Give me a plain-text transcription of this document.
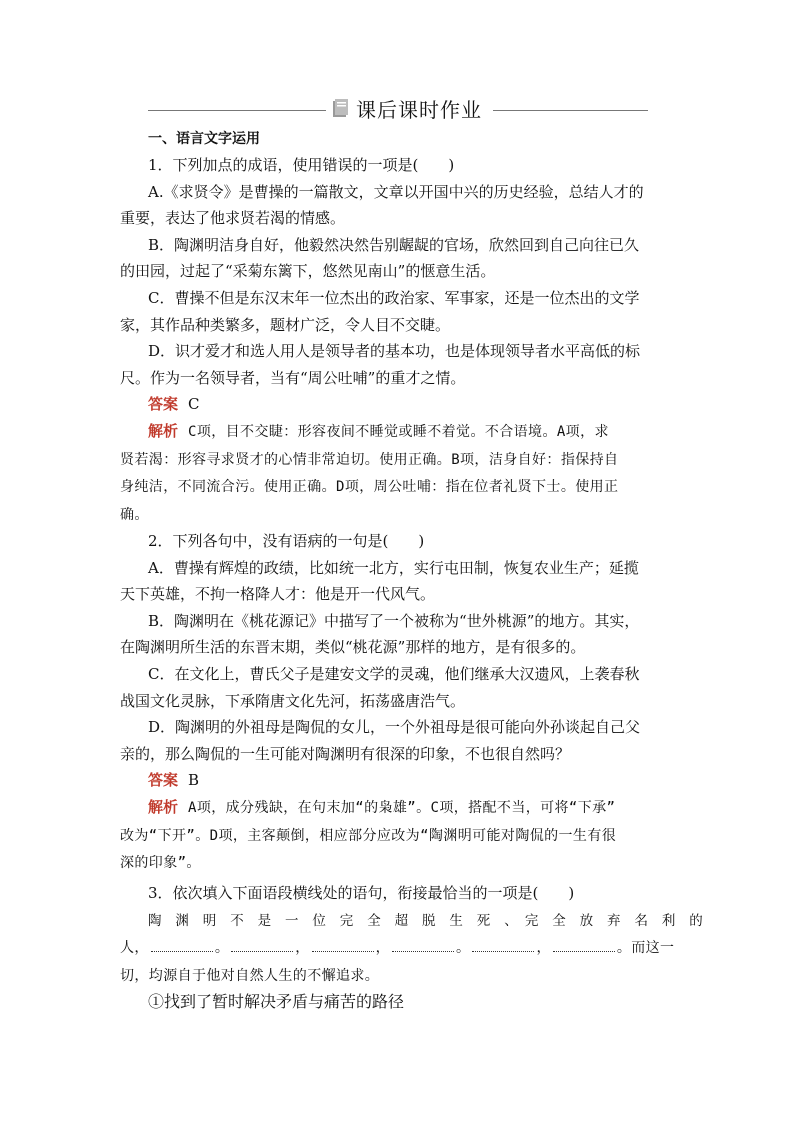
课后课时作业
一、语言文字运用
1．下列加点的成语，使用错误的一项是(　　)
A.《求贤令》是曹操的一篇散文，文章以开国中兴的历史经验，总结人才的
重要，表达了他求贤若渴的情感。
B．陶渊明洁身自好，他毅然决然告别龌龊的官场，欣然回到自己向往已久
的田园，过起了“采菊东篱下，悠然见南山”的惬意生活。
C．曹操不但是东汉末年一位杰出的政治家、军事家，还是一位杰出的文学
家，其作品种类繁多，题材广泛，令人目不交睫。
D．识才爱才和选人用人是领导者的基本功，也是体现领导者水平高低的标
尺。作为一名领导者，当有“周公吐哺”的重才之情。
答案 C
解析 C项，目不交睫：形容夜间不睡觉或睡不着觉。不合语境。A项，求
贤若渴：形容寻求贤才的心情非常迫切。使用正确。B项，洁身自好：指保持自
身纯洁，不同流合污。使用正确。D项，周公吐哺：指在位者礼贤下士。使用正
确。
2．下列各句中，没有语病的一句是(　　)
A．曹操有辉煌的政绩，比如统一北方，实行屯田制，恢复农业生产；延揽
天下英雄，不拘一格降人才：他是开一代风气。
B．陶渊明在《桃花源记》中描写了一个被称为“世外桃源”的地方。其实，
在陶渊明所生活的东晋末期，类似“桃花源”那样的地方，是有很多的。
C．在文化上，曹氏父子是建安文学的灵魂，他们继承大汉遗风，上袭春秋
战国文化灵脉，下承隋唐文化先河，拓荡盛唐浩气。
D．陶渊明的外祖母是陶侃的女儿，一个外祖母是很可能向外孙谈起自己父
亲的，那么陶侃的一生可能对陶渊明有很深的印象，不也很自然吗？
答案 B
解析 A项，成分残缺，在句末加“的枭雄”。C项，搭配不当，可将“下承”
改为“下开”。D项，主客颠倒，相应部分应改为“陶渊明可能对陶侃的一生有很
深的印象”。
3．依次填入下面语段横线处的语句，衔接最恰当的一项是(　　)
陶　渊　明　不　是　一　位　完　全　超　脱　生　死　、　完　全　放　弃　名　利　的
人，	。	，	，	。	，	。而这一
切，均源自于他对自然人生的不懈追求。
①找到了暂时解决矛盾与痛苦的路径
